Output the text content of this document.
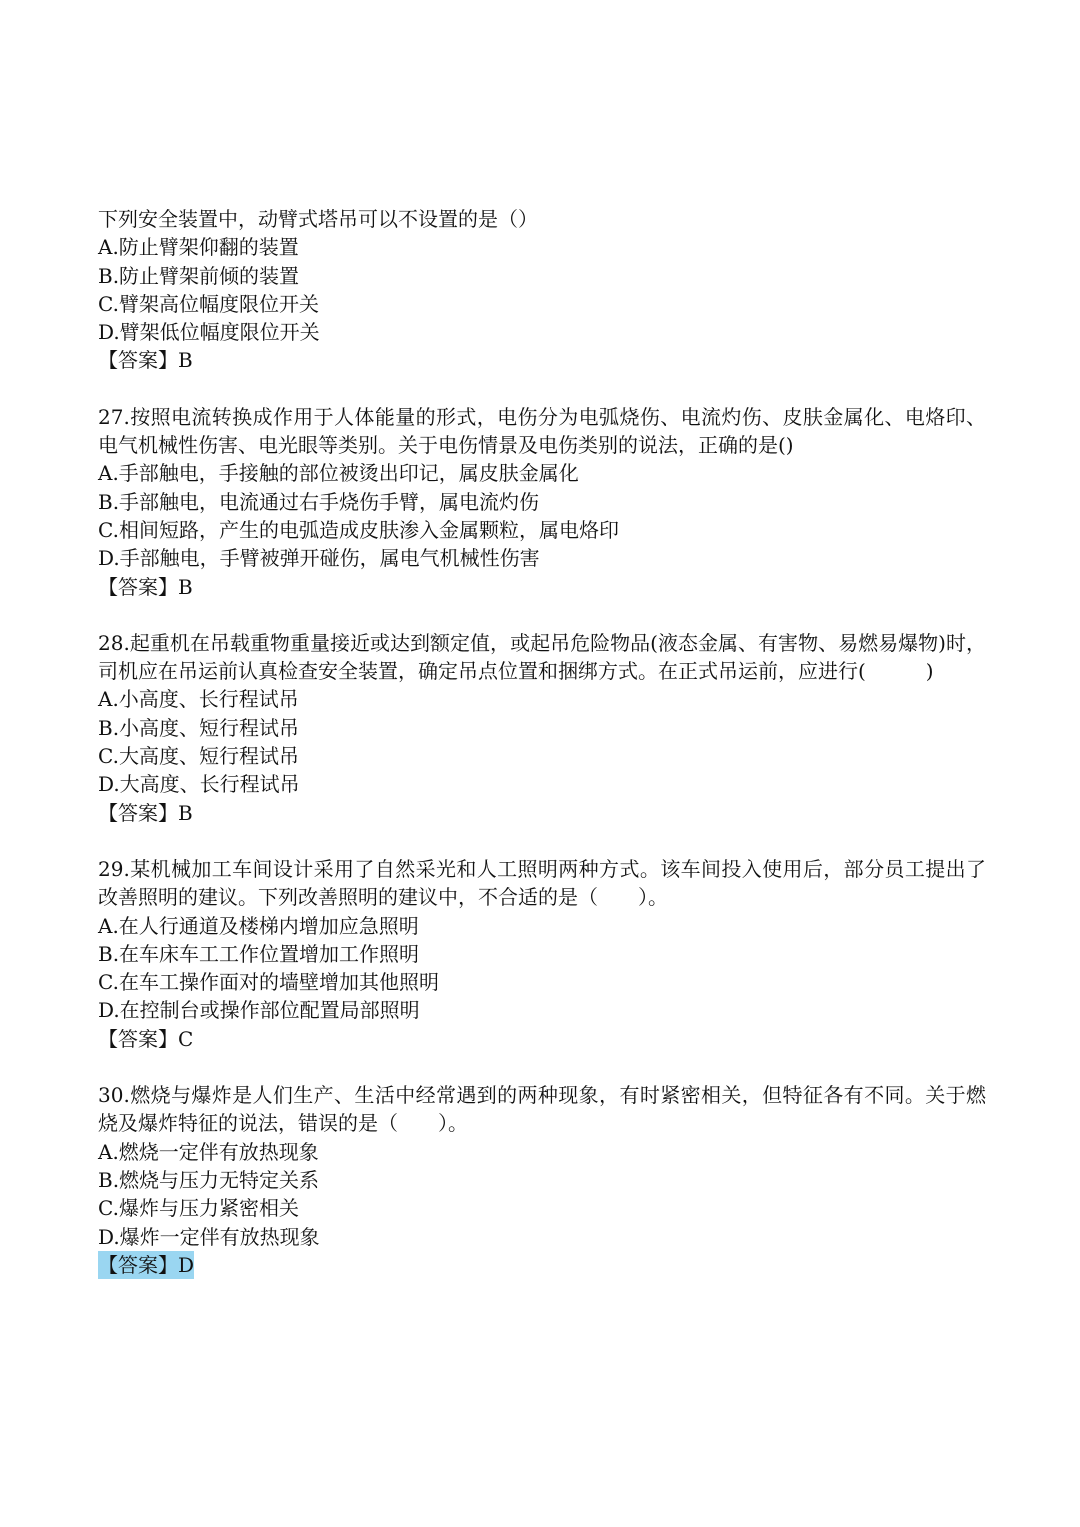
下列安全装置中，动臂式塔吊可以不设置的是（）

A.防止臂架仰翻的装置

B.防止臂架前倾的装置

C.臂架高位幅度限位开关

D.臂架低位幅度限位开关

【答案】B

27.按照电流转换成作用于人体能量的形式，电伤分为电弧烧伤、电流灼伤、皮肤金属化、电烙印、电气机械性伤害、电光眼等类别。关于电伤情景及电伤类别的说法，正确的是()

A.手部触电，手接触的部位被烫出印记，属皮肤金属化

B.手部触电，电流通过右手烧伤手臂，属电流灼伤

C.相间短路，产生的电弧造成皮肤渗入金属颗粒，属电烙印

D.手部触电，手臂被弹开碰伤，属电气机械性伤害

【答案】B

28.起重机在吊载重物重量接近或达到额定值，或起吊危险物品(液态金属、有害物、易燃易爆物)时，司机应在吊运前认真检查安全装置，确定吊点位置和捆绑方式。在正式吊运前，应进行(　　　)

A.小高度、长行程试吊

B.小高度、短行程试吊

C.大高度、短行程试吊

D.大高度、长行程试吊

【答案】B

29.某机械加工车间设计采用了自然采光和人工照明两种方式。该车间投入使用后，部分员工提出了改善照明的建议。下列改善照明的建议中，不合适的是（　　）。

A.在人行通道及楼梯内增加应急照明

B.在车床车工工作位置增加工作照明

C.在车工操作面对的墙壁增加其他照明

D.在控制台或操作部位配置局部照明

【答案】C

30.燃烧与爆炸是人们生产、生活中经常遇到的两种现象，有时紧密相关，但特征各有不同。关于燃烧及爆炸特征的说法，错误的是（　　）。

A.燃烧一定伴有放热现象

B.燃烧与压力无特定关系

C.爆炸与压力紧密相关

D.爆炸一定伴有放热现象

【答案】D
